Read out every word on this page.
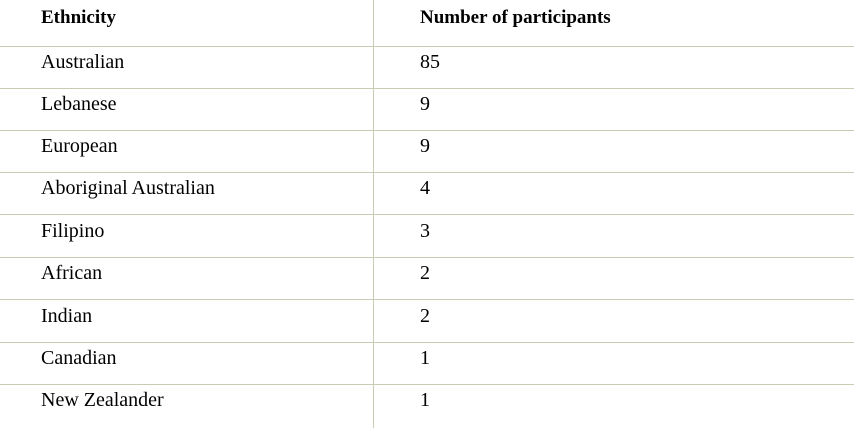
Ethnicity	Number of participants
Australian	85
Lebanese	9
European	9
Aboriginal Australian	4
Filipino	3
African	2
Indian	2
Canadian	1
New Zealander	1
